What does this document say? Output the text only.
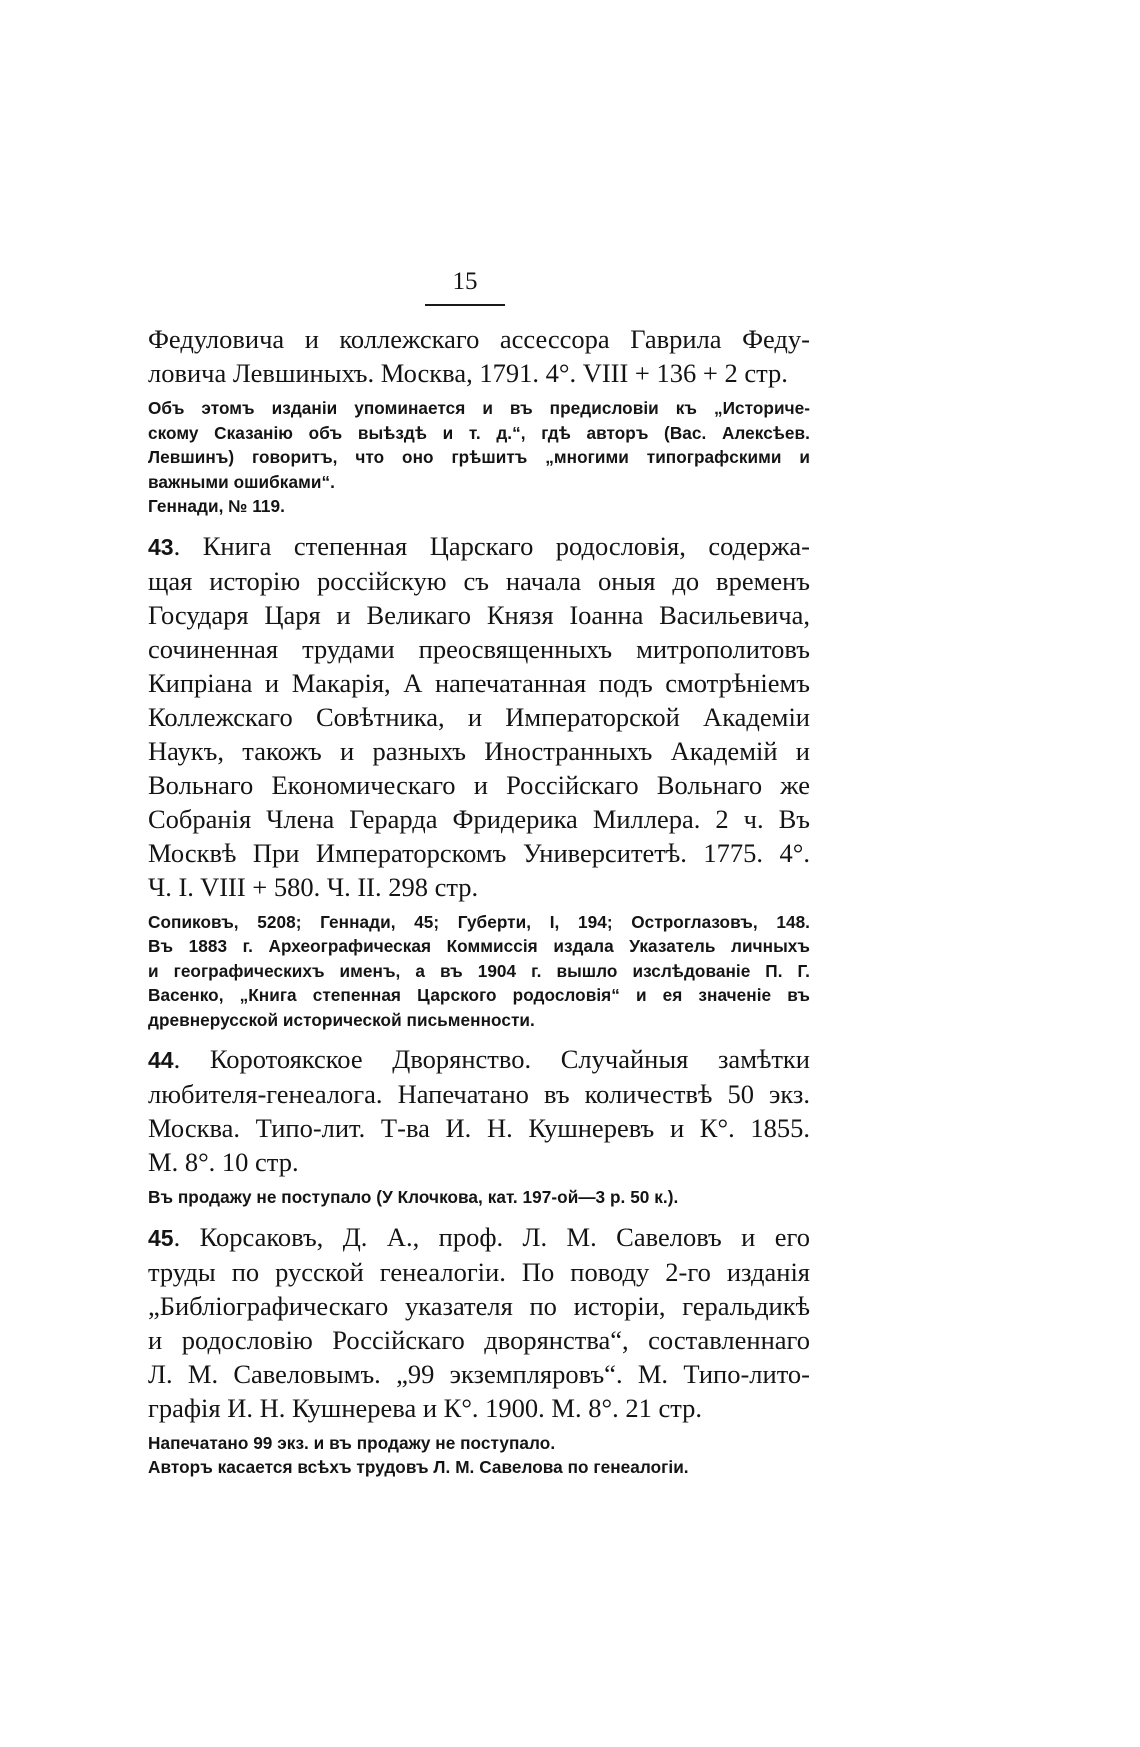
15

Федуловича и коллежскаго ассессора Гаврила Феду-

ловича Левшиныхъ. Москва, 1791. 4°. VIII + 136 + 2 стр.

Объ этомъ изданіи упоминается и въ предисловіи къ „Историче-

скому Сказанію объ выѣздѣ и т. д.“, гдѣ авторъ (Вас. Алексѣев.

Левшинъ) говоритъ, что оно грѣшитъ „многими типографскими и

важными ошибками“.

Геннади, № 119.

43. Книга степенная Царскаго родословія, содержа-

щая исторію россійскую съ начала оныя до временъ

Государя Царя и Великаго Князя Іоанна Васильевича,

сочиненная трудами преосвященныхъ митрополитовъ

Кипріана и Макарія, А напечатанная подъ смотрѣніемъ

Коллежскаго Совѣтника, и Императорской Академіи

Наукъ, такожъ и разныхъ Иностранныхъ Академій и

Вольнаго Економическаго и Россійскаго Вольнаго же

Собранія Члена Герарда Фридерика Миллера. 2 ч. Въ

Москвѣ При Императорскомъ Университетѣ. 1775. 4°.

Ч. I. VIII + 580. Ч. II. 298 стр.

Сопиковъ, 5208; Геннади, 45; Губерти, I, 194; Остроглазовъ, 148.

Въ 1883 г. Археографическая Коммиссія издала Указатель личныхъ

и географическихъ именъ, а въ 1904 г. вышло изслѣдованіе П. Г.

Васенко, „Книга степенная Царского родословія“ и ея значеніе въ

древнерусской исторической письменности.

44. Коротоякское Дворянство. Случайныя замѣтки

любителя-генеалога. Напечатано въ количествѣ 50 экз.

Москва. Типо-лит. Т-ва И. Н. Кушнеревъ и К°. 1855.

М. 8°. 10 стр.

Въ продажу не поступало (У Клочкова, кат. 197-ой—3 р. 50 к.).

45. Корсаковъ, Д. А., проф. Л. М. Савеловъ и его

труды по русской генеалогіи. По поводу 2-го изданія

„Библіографическаго указателя по исторіи, геральдикѣ

и родословію Россійскаго дворянства“, составленнаго

Л. М. Савеловымъ. „99 экземпляровъ“. М. Типо-лито-

графія И. Н. Кушнерева и К°. 1900. М. 8°. 21 стр.

Напечатано 99 экз. и въ продажу не поступало.

Авторъ касается всѣхъ трудовъ Л. М. Савелова по генеалогіи.
